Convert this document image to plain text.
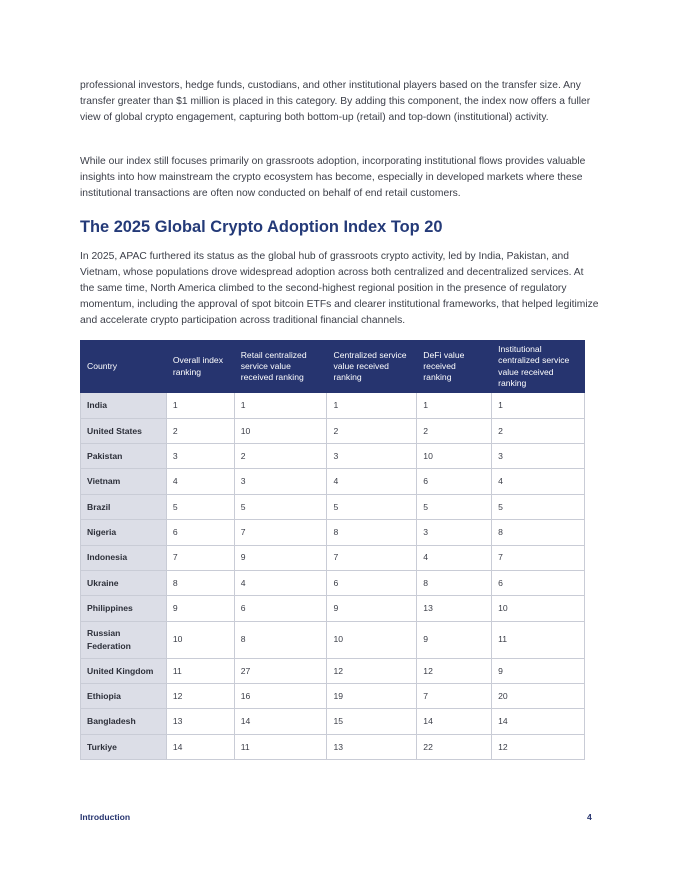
professional investors, hedge funds, custodians, and other institutional players based on the transfer size. Any transfer greater than $1 million is placed in this category. By adding this component, the index now offers a fuller view of global crypto engagement, capturing both bottom-up (retail) and top-down (institutional) activity.

While our index still focuses primarily on grassroots adoption, incorporating institutional flows provides valuable insights into how mainstream the crypto ecosystem has become, especially in developed markets where these institutional transactions are often now conducted on behalf of end retail customers.

The 2025 Global Crypto Adoption Index Top 20

In 2025, APAC furthered its status as the global hub of grassroots crypto activity, led by India, Pakistan, and Vietnam, whose populations drove widespread adoption across both centralized and decentralized services. At the same time, North America climbed to the second-highest regional position in the presence of regulatory momentum, including the approval of spot bitcoin ETFs and clearer institutional frameworks, that helped legitimize and accelerate crypto participation across traditional financial channels.

Country	Overall index ranking	Retail centralized service value received ranking	Centralized service value received ranking	DeFi value received ranking	Institutional centralized service value received ranking
India	1	1	1	1	1
United States	2	10	2	2	2
Pakistan	3	2	3	10	3
Vietnam	4	3	4	6	4
Brazil	5	5	5	5	5
Nigeria	6	7	8	3	8
Indonesia	7	9	7	4	7
Ukraine	8	4	6	8	6
Philippines	9	6	9	13	10
Russian Federation	10	8	10	9	11
United Kingdom	11	27	12	12	9
Ethiopia	12	16	19	7	20
Bangladesh	13	14	15	14	14
Turkiye	14	11	13	22	12
Introduction	4
